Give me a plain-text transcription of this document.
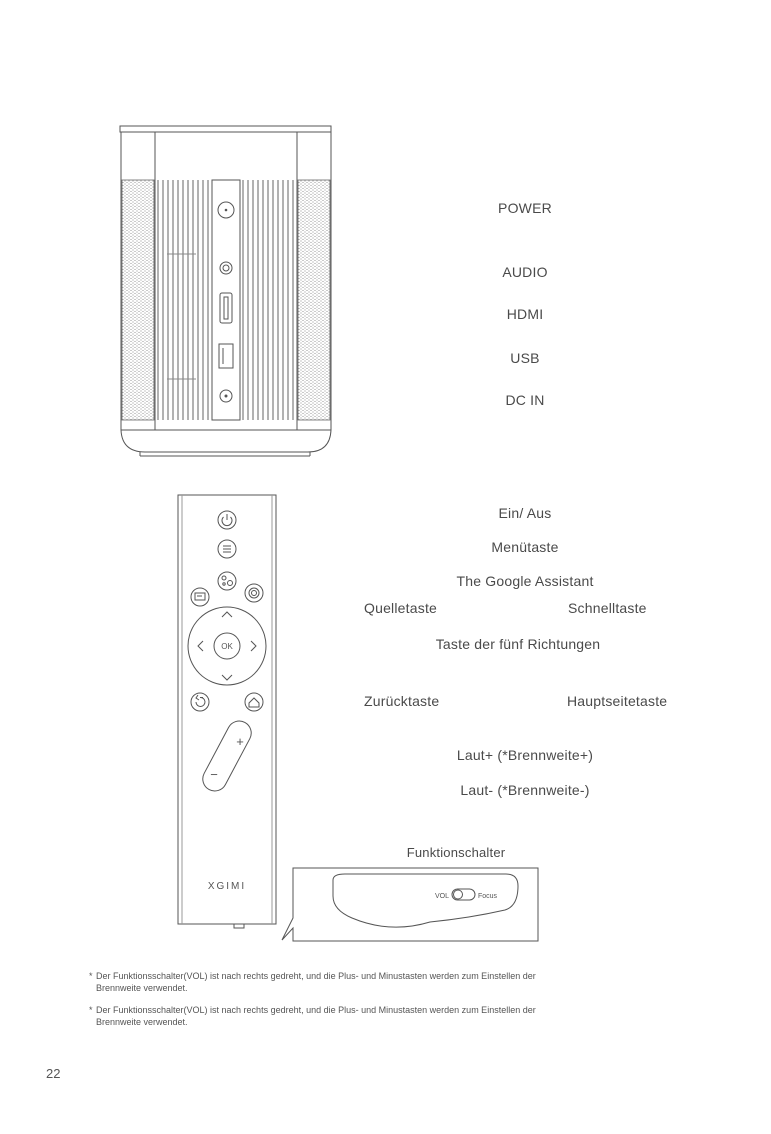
POWER
AUDIO
HDMI
USB
DC IN
OK
+
−
XGIMI
Ein/ Aus
Menütaste
The Google Assistant
Quelletaste	Schnelltaste
Taste der fünf Richtungen
Zurücktaste	Hauptseitetaste
Laut+ (*Brennweite+)
Laut- (*Brennweite-)
Funktionschalter
VOL	Focus
* Der Funktionsschalter(VOL) ist nach rechts gedreht, und die Plus- und Minustasten werden zum Einstellen der
Brennweite verwendet.
* Der Funktionsschalter(VOL) ist nach rechts gedreht, und die Plus- und Minustasten werden zum Einstellen der
Brennweite verwendet.
22
